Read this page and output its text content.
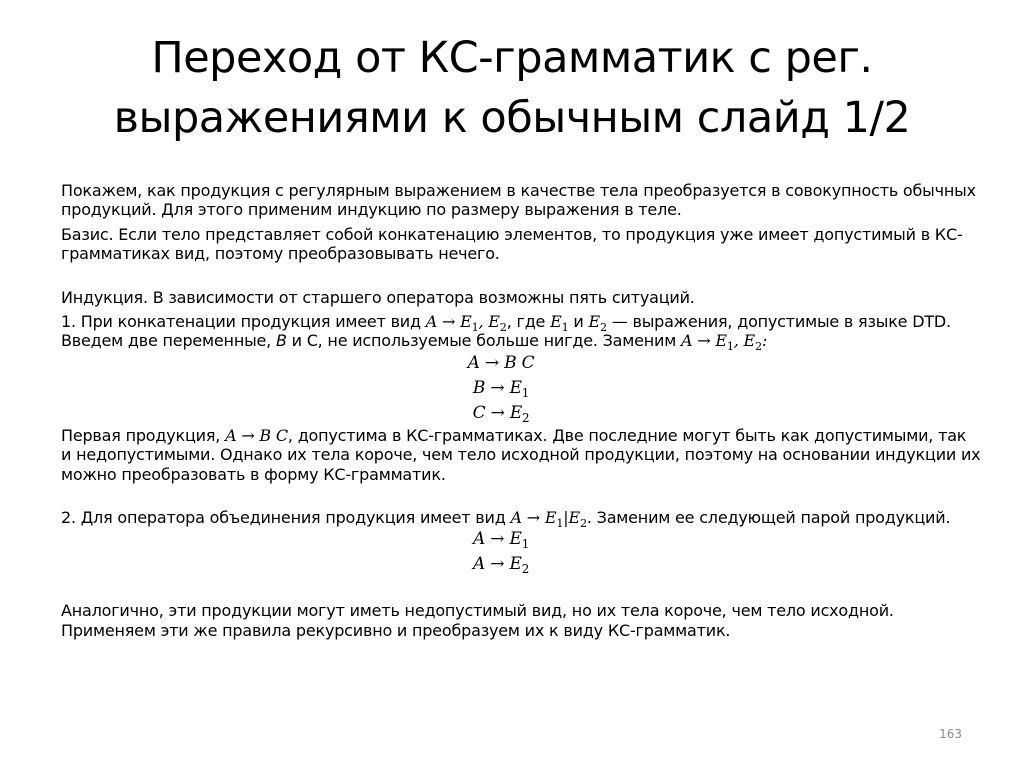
Переход от КС-грамматик с рег.
выражениями к обычным слайд 1/2

Покажем, как продукция с регулярным выражением в качестве тела преобразуется в совокупность обычных продукций. Для этого применим индукцию по размеру выражения в теле.

Базис. Если тело представляет собой конкатенацию элементов, то продукция уже имеет допустимый в КС-грамматиках вид, поэтому преобразовывать нечего.

Индукция. В зависимости от старшего оператора возможны пять ситуаций.

1. При конкатенации продукция имеет вид $A \to E_1$, $E_2$, где $E_1$ и $E_2$ — выражения, допустимые в языке DTD. Введем две переменные, B и C, не используемые больше нигде. Заменим $A \to E_1$, $E_2$:

A → B C
$B \to E_1$
$C \to E_2$

Первая продукция, A → B C, допустима в КС-грамматиках. Две последние могут быть как допустимыми, так и недопустимыми. Однако их тела короче, чем тело исходной продукции, поэтому на основании индукции их можно преобразовать в форму КС-грамматик.

2. Для оператора объединения продукция имеет вид $A \to E_1|E_2$. Заменим ее следующей парой продукций.

$A \to E_1$
$A \to E_2$

Аналогично, эти продукции могут иметь недопустимый вид, но их тела короче, чем тело исходной. Применяем эти же правила рекурсивно и преобразуем их к виду КС-грамматик.

163
